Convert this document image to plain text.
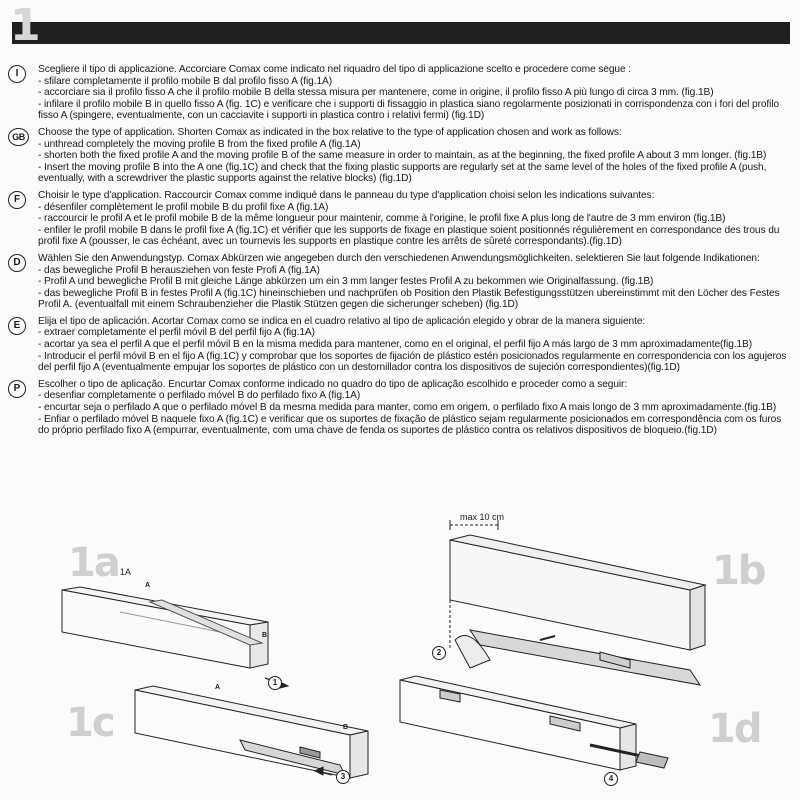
1
I	Scegliere il tipo di applicazione. Accorciare Comax come indicato nel riquadro del tipo di applicazione scelto e procedere come segue :

- sfilare completamente il profilo mobile B dal profilo fisso A (fig.1A)

- accorciare sia il profilo fisso A che il profilo mobile B della stessa misura per mantenere, come in origine, il profilo fisso A più lungo di circa 3 mm. (fig.1B)

- infilare il profilo mobile B in quello fisso A (fig. 1C) e verificare che i supporti di fissaggio in plastica siano regolarmente posizionati in corrispondenza con i fori del profilo fisso A (spingere, eventualmente, con un cacciavite i supporti in plastica contro i relativi fermi) (fig.1D)

GB	Choose the type of application. Shorten Comax as indicated in the box relative to the type of application chosen and work as follows:

- unthread completely the moving profile B from the fixed profile A (fig.1A)

- shorten both the fixed profile A and the moving profile B of the same measure in order to maintain, as at the beginning, the fixed profile A about 3 mm longer. (fig.1B)

- Insert the moving profile B into the A one (fig.1C) and check that the fixing plastic supports are regularly set at the same level of the holes of the fixed profile A (push, eventually, with a screwdriver the plastic supports against the relative blocks) (fig.1D)

F	Choisir le type d'application. Raccourcir Comax comme indiqué dans le panneau du type d'application choisi selon les indications suivantes:

- désenfiler complètement le profil mobile B du profil fixe A (fig.1A)

- raccourcir le profil A et le profil mobile B de la même longueur pour maintenir, comme à l'origine, le profil fixe A plus long de l'autre de 3 mm environ (fig.1B)

- enfiler le profil mobile B dans le profil fixe A (fig.1C) et vérifier que les supports de fixage en plastique soient positionnés régulièrement en correspondance des trous du profil fixe A (pousser, le cas échéant, avec un tournevis les supports en plastique contre les arrêts de sûreté correspondants).(fig.1D)

D	Wählen Sie den Anwendungstyp. Comax Abkürzen wie angegeben durch den verschiedenen Anwendungsmöglichkeiten. selektieren Sie laut folgende Indikationen:

- das bewegliche Profil B herausziehen von feste Profi A (fig.1A)

- Profil A und bewegliche Profil B mit gleiche Länge abkürzen um ein 3 mm langer festes Profil A zu bekommen wie Originalfassung. (fig.1B)

- das bewegliche Profil B in festes Profil A (fig.1C) hineinschieben und nachprüfen ob Position den Plastik Befestigungsstützen ubereinstimmt mit den Löcher des Festes Profil A. (eventualfall mit einem Schraubenzieher die Plastik Stützen gegen die sicherunger scheben) (fig.1D)

E	Elija el tipo de aplicación. Acortar Comax como se indica en el cuadro relativo al tipo de aplicación elegido y obrar de la manera siguiente:

- extraer completamente el perfil móvil B del perfil fijo A (fig.1A)

- acortar ya sea el perfil A que el perfil móvil B en la misma medida para mantener, como en el original, el perfil fijo A más largo de 3 mm aproximadamente(fig.1B)

- Introducir el perfil móvil B en el fijo A (fig.1C) y comprobar que los soportes de fijación de plástico estén posicionados regularmente en correspondencia con los agujeros del perfil fijo A (eventualmente empujar los soportes de plástico con un destornillador contra los dispositivos de sujeción correspondientes)(fig.1D)

P	Escolher o tipo de aplicação. Encurtar Comax conforme indicado no quadro do tipo de aplicação escolhido e proceder como a seguir:

- desenfiar completamente o perfilado móvel B do perfilado fixo A (fig.1A)

- encurtar seja o perfilado A que o perfilado móvel B da mesma medida para manter, como em origem, o perfilado fixo A mais longo de 3 mm aproximadamente.(fig.1B)

- Enfiar o perfilado móvel B naquele fixo A (fig.1C) e verificar que os suportes de fixação de plástico sejam regularmente posicionados em correspondência com os furos do próprio perfilado fixo A (empurrar, eventualmente, com uma chave de fenda os suportes de plástico contra os relativos dispositivos de bloqueio.(fig.1D)

1a 1A
A
B
1
1b
max 10 cm
2
1c
A
B
3
1d
4
